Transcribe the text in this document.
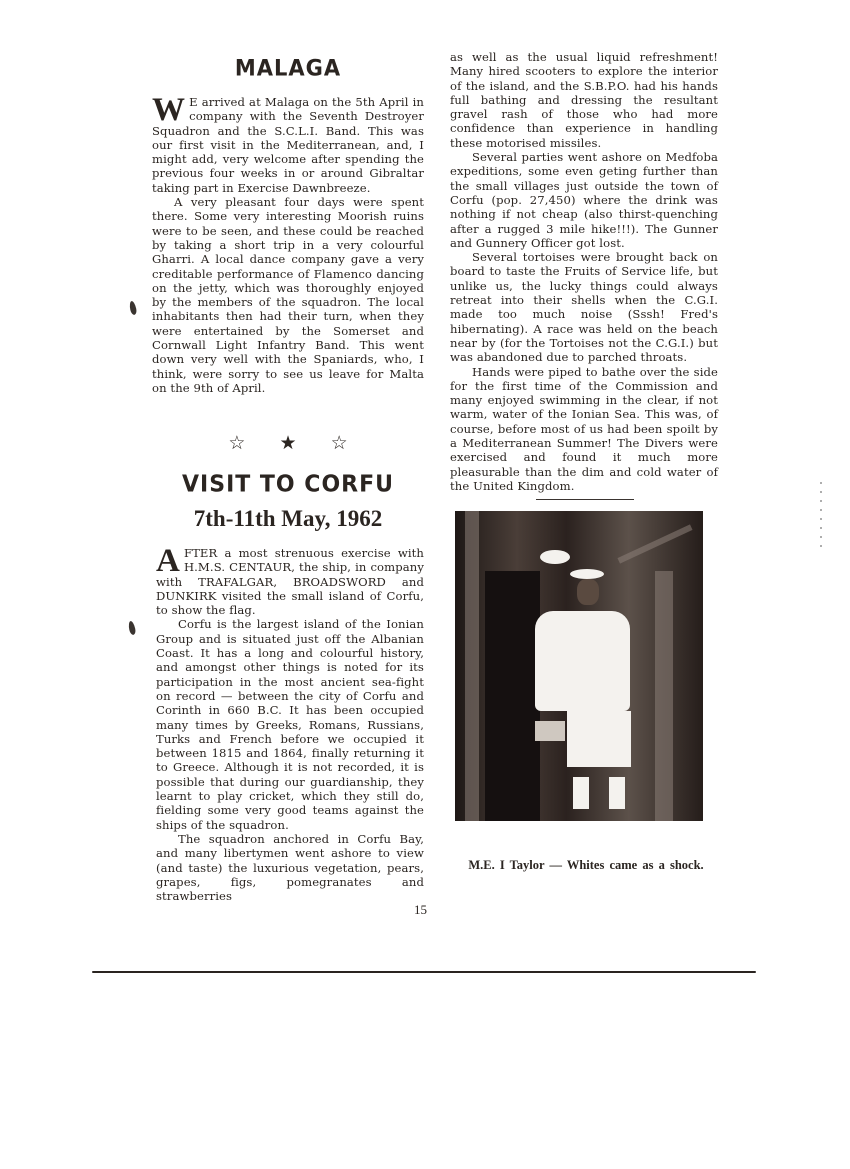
MALAGA

W E arrived at Malaga on the 5th April in company with the Seventh Destroyer Squadron and the S.C.L.I. Band. This was our first visit in the Mediterranean, and, I might add, very welcome after spending the previous four weeks in or around Gibraltar taking part in Exercise Dawnbreeze.

A very pleasant four days were spent there. Some very interesting Moorish ruins were to be seen, and these could be reached by taking a short trip in a very colourful Gharri. A local dance company gave a very creditable performance of Flamenco dancing on the jetty, which was thoroughly enjoyed by the members of the squadron. The local inhabitants then had their turn, when they were entertained by the Somerset and Cornwall Light Infantry Band. This went down very well with the Spaniards, who, I think, were sorry to see us leave for Malta on the 9th of April.

☆ ★ ☆
VISIT TO CORFU
7th-11th May, 1962

AFTER a most strenuous exercise with H.M.S. CENTAUR, the ship, in company with TRAFALGAR, BROADSWORD and DUNKIRK visited the small island of Corfu, to show the flag.

Corfu is the largest island of the Ionian Group and is situated just off the Albanian Coast. It has a long and colourful history, and amongst other things is noted for its participation in the most ancient sea-fight on record — between the city of Corfu and Corinth in 660 B.C. It has been occupied many times by Greeks, Romans, Russians, Turks and French before we occupied it between 1815 and 1864, finally returning it to Greece. Although it is not recorded, it is possible that during our guardianship, they learnt to play cricket, which they still do, fielding some very good teams against the ships of the squadron.

The squadron anchored in Corfu Bay, and many libertymen went ashore to view (and taste) the luxurious vegetation, pears, grapes, figs, pomegranates and strawberries

as well as the usual liquid refreshment! Many hired scooters to explore the interior of the island, and the S.B.P.O. had his hands full bathing and dressing the resultant gravel rash of those who had more confidence than experience in handling these motorised missiles.

Several parties went ashore on Medfoba expeditions, some even geting further than the small villages just outside the town of Corfu (pop. 27,450) where the drink was nothing if not cheap (also thirst-quenching after a rugged 3 mile hike!!!). The Gunner and Gunnery Officer got lost.

Several tortoises were brought back on board to taste the Fruits of Service life, but unlike us, the lucky things could always retreat into their shells when the C.G.I. made too much noise (Sssh! Fred's hibernating). A race was held on the beach near by (for the Tortoises not the C.G.I.) but was abandoned due to parched throats.

Hands were piped to bathe over the side for the first time of the Commission and many enjoyed swimming in the clear, if not warm, water of the Ionian Sea. This was, of course, before most of us had been spoilt by a Mediterranean Summer! The Divers were exercised and found it much more pleasurable than the dim and cold water of the United Kingdom.

M.E. I Taylor — Whites came as a shock.
15
